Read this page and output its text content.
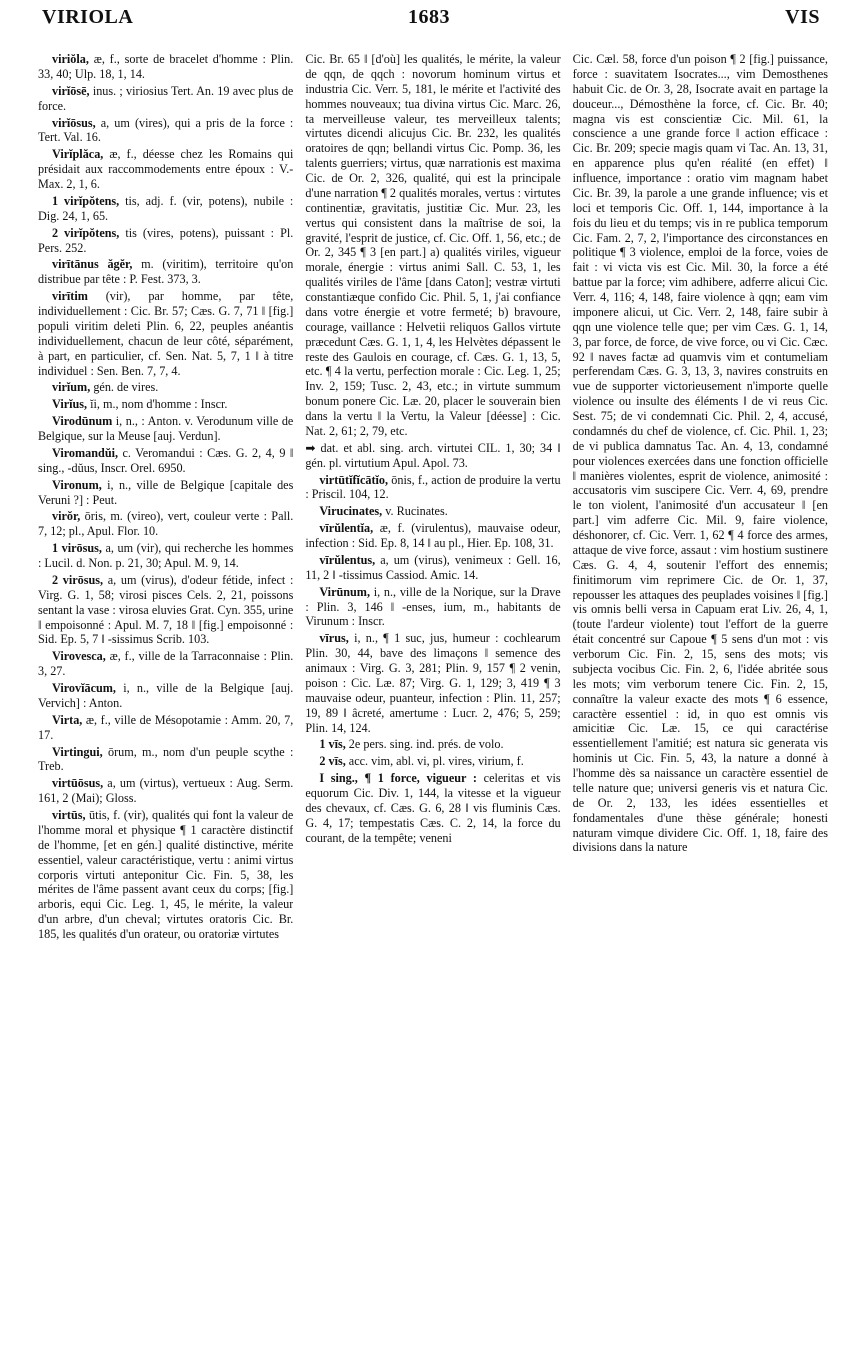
VIRIOLA	1683	VIS

viriŏla, æ, f., sorte de bracelet d'homme : Plin. 33, 40; Ulp. 18, 1, 14.

virĭōsē, inus. ; viriosius Tert. An. 19 avec plus de force.

virĭōsus, a, um (vires), qui a pris de la force : Tert. Val. 16.

Virĭplăca, æ, f., déesse chez les Romains qui présidait aux raccommodements entre époux : V.-Max. 2, 1, 6.

1 virĭpŏtens, tis, adj. f. (vir, potens), nubile : Dig. 24, 1, 65.

2 virĭpŏtens, tis (vires, potens), puissant : Pl. Pers. 252.

virītānus ăgĕr, m. (viritim), territoire qu'on distribue par tête : P. Fest. 373, 3.

virītim (vir), par homme, par tête, individuellement : Cic. Br. 57; Cæs. G. 7, 71 ‖ [fig.] populi viritim deleti Plin. 6, 22, peuples anéantis individuellement, chacun de leur côté, séparément, à part, en particulier, cf. Sen. Nat. 5, 7, 1 ‖ à titre individuel : Sen. Ben. 7, 7, 4.

virĭum, gén. de vires.

Virĭus, ĭi, m., nom d'homme : Inscr.

Virodūnum i, n., : Anton. v. Verodunum ville de Belgique, sur la Meuse [auj. Verdun].

Viromandŭi, c. Veromandui : Cæs. G. 2, 4, 9 ‖ sing., -dŭus, Inscr. Orel. 6950.

Vironum, i, n., ville de Belgique [capitale des Veruni ?] : Peut.

virŏr, ōris, m. (vireo), vert, couleur verte : Pall. 7, 12; pl., Apul. Flor. 10.

1 virōsus, a, um (vir), qui recherche les hommes : Lucil. d. Non. p. 21, 30; Apul. M. 9, 14.

2 virōsus, a, um (virus), d'odeur fétide, infect : Virg. G. 1, 58; virosi pisces Cels. 2, 21, poissons sentant la vase : virosa eluvies Grat. Cyn. 355, urine ‖ empoisonné : Apul. M. 7, 18 ‖ [fig.] empoisonné : Sid. Ep. 5, 7 ‖ -sissimus Scrib. 103.

Virovesca, æ, f., ville de la Tarraconnaise : Plin. 3, 27.

Virovĭācum, i, n., ville de la Belgique [auj. Vervich] : Anton.

Virta, æ, f., ville de Mésopotamie : Amm. 20, 7, 17.

Virtingui, ōrum, m., nom d'un peuple scythe : Treb.

virtūōsus, a, um (virtus), vertueux : Aug. Serm. 161, 2 (Mai); Gloss.

virtūs, ūtis, f. (vir), qualités qui font la valeur de l'homme moral et physique ¶ 1 caractère distinctif de l'homme, [et en gén.] qualité distinctive, mérite essentiel, valeur caractéristique, vertu : animi virtus corporis virtuti anteponitur Cic. Fin. 5, 38, les mérites de l'âme passent avant ceux du corps; [fig.] arboris, equi Cic. Leg. 1, 45, le mérite, la valeur d'un arbre, d'un cheval; virtutes oratoris Cic. Br. 185, les qualités d'un orateur, ou oratoriæ virtutes

Cic. Br. 65 ‖ [d'où] les qualités, le mérite, la valeur de qqn, de qqch : novorum hominum virtus et industria Cic. Verr. 5, 181, le mérite et l'activité des hommes nouveaux; tua divina virtus Cic. Marc. 26, ta merveilleuse valeur, tes merveilleux talents; virtutes dicendi alicujus Cic. Br. 232, les qualités oratoires de qqn; bellandi virtus Cic. Pomp. 36, les talents guerriers; virtus, quæ narrationis est maxima Cic. de Or. 2, 326, qualité, qui est la principale d'une narration ¶ 2 qualités morales, vertus : virtutes continentiæ, gravitatis, justitiæ Cic. Mur. 23, les vertus qui consistent dans la maîtrise de soi, la gravité, l'esprit de justice, cf. Cic. Off. 1, 56, etc.; de Or. 2, 345 ¶ 3 [en part.] a) qualités viriles, vigueur morale, énergie : virtus animi Sall. C. 53, 1, les qualités viriles de l'âme [dans Caton]; vestræ virtuti constantiæque confido Cic. Phil. 5, 1, j'ai confiance dans votre énergie et votre fermeté; b) bravoure, courage, vaillance : Helvetii reliquos Gallos virtute præcedunt Cæs. G. 1, 1, 4, les Helvètes dépassent le reste des Gaulois en courage, cf. Cæs. G. 1, 13, 5, etc. ¶ 4 la vertu, perfection morale : Cic. Leg. 1, 25; Inv. 2, 159; Tusc. 2, 43, etc.; in virtute summum bonum ponere Cic. Læ. 20, placer le souverain bien dans la vertu ‖ la Vertu, la Valeur [déesse] : Cic. Nat. 2, 61; 2, 79, etc.

➡ dat. et abl. sing. arch. virtutei CIL. 1, 30; 34 ‖ gén. pl. virtutium Apul. Apol. 73.

virtūtĭfĭcātĭo, ōnis, f., action de produire la vertu : Priscil. 104, 12.

Virucinates, v. Rucinates.

vīrŭlentĭa, æ, f. (virulentus), mauvaise odeur, infection : Sid. Ep. 8, 14 ‖ au pl., Hier. Ep. 108, 31.

vīrŭlentus, a, um (virus), venimeux : Gell. 16, 11, 2 ‖ -tissimus Cassiod. Amic. 14.

Virūnum, i, n., ville de la Norique, sur la Drave : Plin. 3, 146 ‖ -enses, ium, m., habitants de Virunum : Inscr.

vīrus, i, n., ¶ 1 suc, jus, humeur : cochlearum Plin. 30, 44, bave des limaçons ‖ semence des animaux : Virg. G. 3, 281; Plin. 9, 157 ¶ 2 venin, poison : Cic. Læ. 87; Virg. G. 1, 129; 3, 419 ¶ 3 mauvaise odeur, puanteur, infection : Plin. 11, 257; 19, 89 ‖ âcreté, amertume : Lucr. 2, 476; 5, 259; Plin. 14, 124.

1 vīs, 2e pers. sing. ind. prés. de volo.

2 vīs, acc. vim, abl. vi, pl. vires, virium, f.

I sing., ¶ 1 force, vigueur : celeritas et vis equorum Cic. Div. 1, 144, la vitesse et la vigueur des chevaux, cf. Cæs. G. 6, 28 ‖ vis fluminis Cæs. G. 4, 17; tempestatis Cæs. C. 2, 14, la force du courant, de la tempête; veneni

Cic. Cæl. 58, force d'un poison ¶ 2 [fig.] puissance, force : suavitatem Isocrates..., vim Demosthenes habuit Cic. de Or. 3, 28, Isocrate avait en partage la douceur..., Démosthène la force, cf. Cic. Br. 40; magna vis est conscientiæ Cic. Mil. 61, la conscience a une grande force ‖ action efficace : Cic. Br. 209; specie magis quam vi Tac. An. 13, 31, en apparence plus qu'en réalité (en effet) ‖ influence, importance : oratio vim magnam habet Cic. Br. 39, la parole a une grande influence; vis et loci et temporis Cic. Off. 1, 144, importance à la fois du lieu et du temps; vis in re publica temporum Cic. Fam. 2, 7, 2, l'importance des circonstances en politique ¶ 3 violence, emploi de la force, voies de fait : vi victa vis est Cic. Mil. 30, la force a été battue par la force; vim adhibere, adferre alicui Cic. Verr. 4, 116; 4, 148, faire violence à qqn; eam vim imponere alicui, ut Cic. Verr. 2, 148, faire subir à qqn une violence telle que; per vim Cæs. G. 1, 14, 3, par force, de force, de vive force, ou vi Cic. Cæc. 92 ‖ naves factæ ad quamvis vim et contumeliam perferendam Cæs. G. 3, 13, 3, navires construits en vue de supporter victorieusement n'importe quelle violence ou insulte des éléments ‖ de vi reus Cic. Sest. 75; de vi condemnati Cic. Phil. 2, 4, accusé, condamnés du chef de violence, cf. Cic. Phil. 1, 23; de vi publica damnatus Tac. An. 4, 13, condamné pour violences exercées dans une fonction officielle ‖ manières violentes, esprit de violence, animosité : accusatoris vim suscipere Cic. Verr. 4, 69, prendre le ton violent, l'animosité d'un accusateur ‖ [en part.] vim adferre Cic. Mil. 9, faire violence, déshonorer, cf. Cic. Verr. 1, 62 ¶ 4 force des armes, attaque de vive force, assaut : vim hostium sustinere Cæs. G. 4, 4, soutenir l'effort des ennemis; finitimorum vim reprimere Cic. de Or. 1, 37, repousser les attaques des peuplades voisines ‖ [fig.] vis omnis belli versa in Capuam erat Liv. 26, 4, 1, (toute l'ardeur violente) tout l'effort de la guerre était concentré sur Capoue ¶ 5 sens d'un mot : vis verborum Cic. Fin. 2, 15, sens des mots; vis subjecta vocibus Cic. Fin. 2, 6, l'idée abritée sous les mots; vim verborum tenere Cic. Fin. 2, 15, connaître la valeur exacte des mots ¶ 6 essence, caractère essentiel : id, in quo est omnis vis amicitiæ Cic. Læ. 15, ce qui caractérise essentiellement l'amitié; est natura sic generata vis hominis ut Cic. Fin. 5, 43, la nature a donné à l'homme dès sa naissance un caractère essentiel de telle nature que; universi generis vis et natura Cic. de Or. 2, 133, les idées essentielles et fondamentales d'une thèse générale; honesti naturam vimque dividere Cic. Off. 1, 18, faire des divisions dans la nature
